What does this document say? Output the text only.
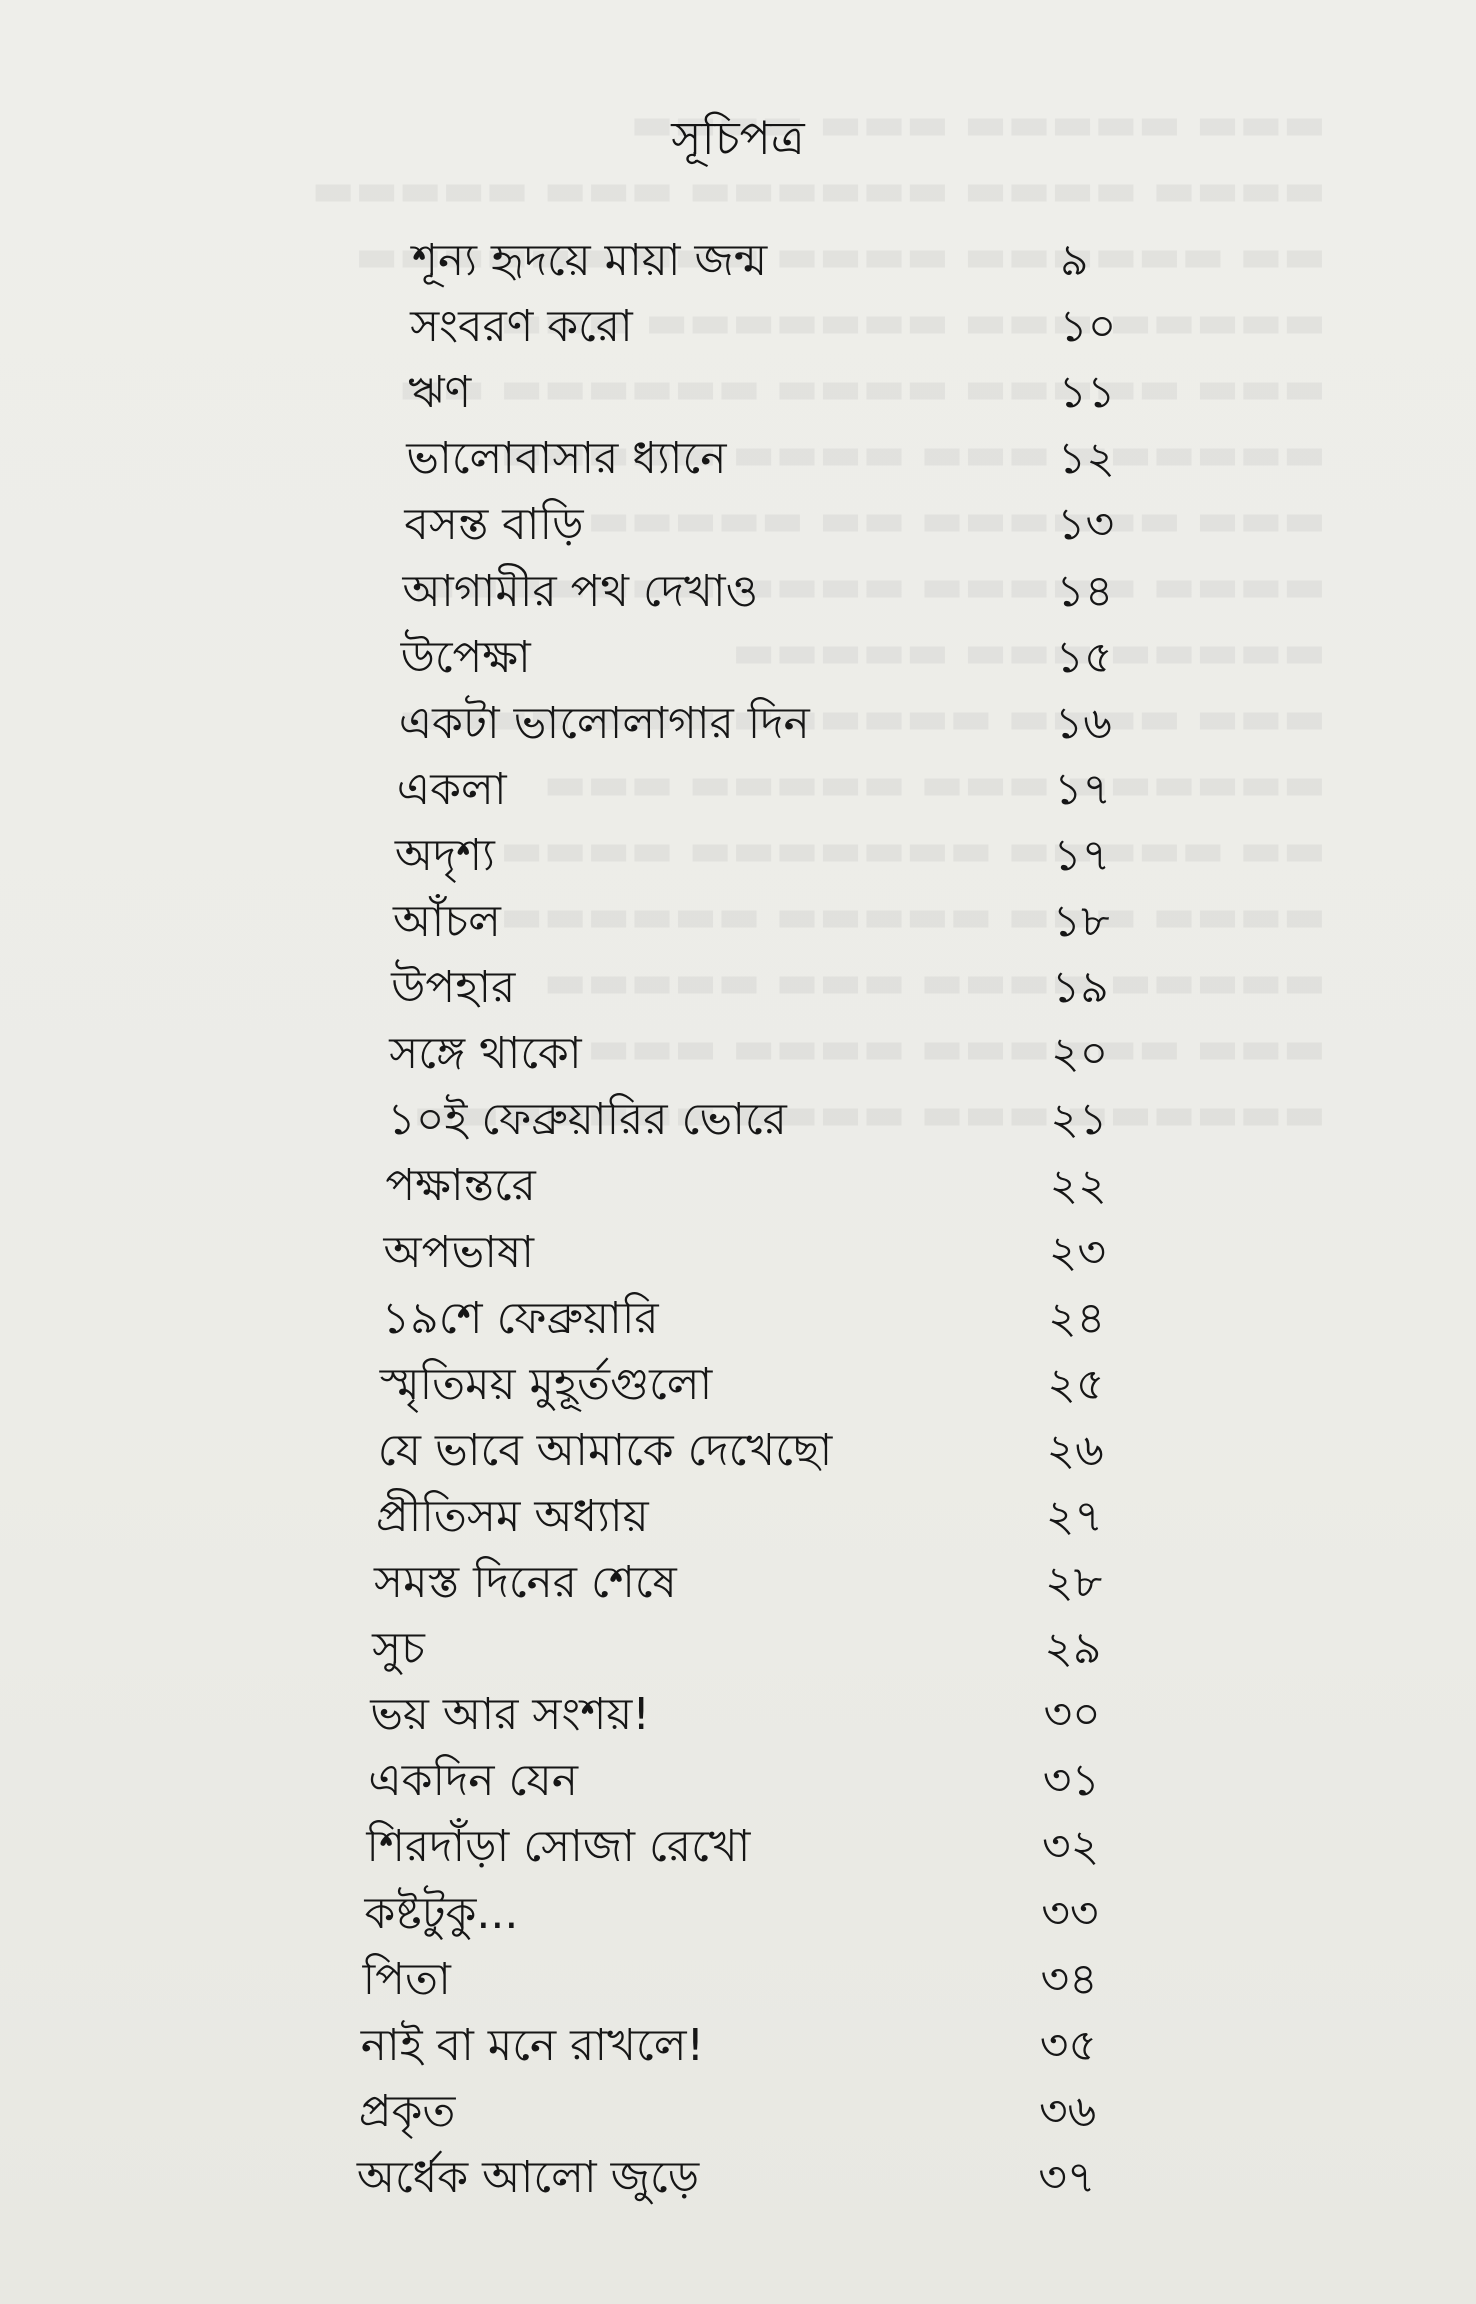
সূচিপত্র
শূন্য হৃদয়ে মায়া জন্ম	৯
সংবরণ করো	১০
ঋণ	১১
ভালোবাসার ধ্যানে	১২
বসন্ত বাড়ি	১৩
আগামীর পথ দেখাও	১৪
উপেক্ষা	১৫
একটা ভালোলাগার দিন	১৬
একলা	১৭
অদৃশ্য	১৭
আঁচল	১৮
উপহার	১৯
সঙ্গে থাকো	২০
১০ই ফেব্রুয়ারির ভোরে	২১
পক্ষান্তরে	২২
অপভাষা	২৩
১৯শে ফেব্রুয়ারি	২৪
স্মৃতিময় মুহূর্তগুলো	২৫
যে ভাবে আমাকে দেখেছো	২৬
প্রীতিসম অধ্যায়	২৭
সমস্ত দিনের শেষে	২৮
সুচ	২৯
ভয় আর সংশয়!	৩০
একদিন যেন	৩১
শিরদাঁড়া সোজা রেখো	৩২
কষ্টটুকু...	৩৩
পিতা	৩৪
নাই বা মনে রাখলে!	৩৫
প্রকৃত	৩৬
অর্ধেক আলো জুড়ে	৩৭
